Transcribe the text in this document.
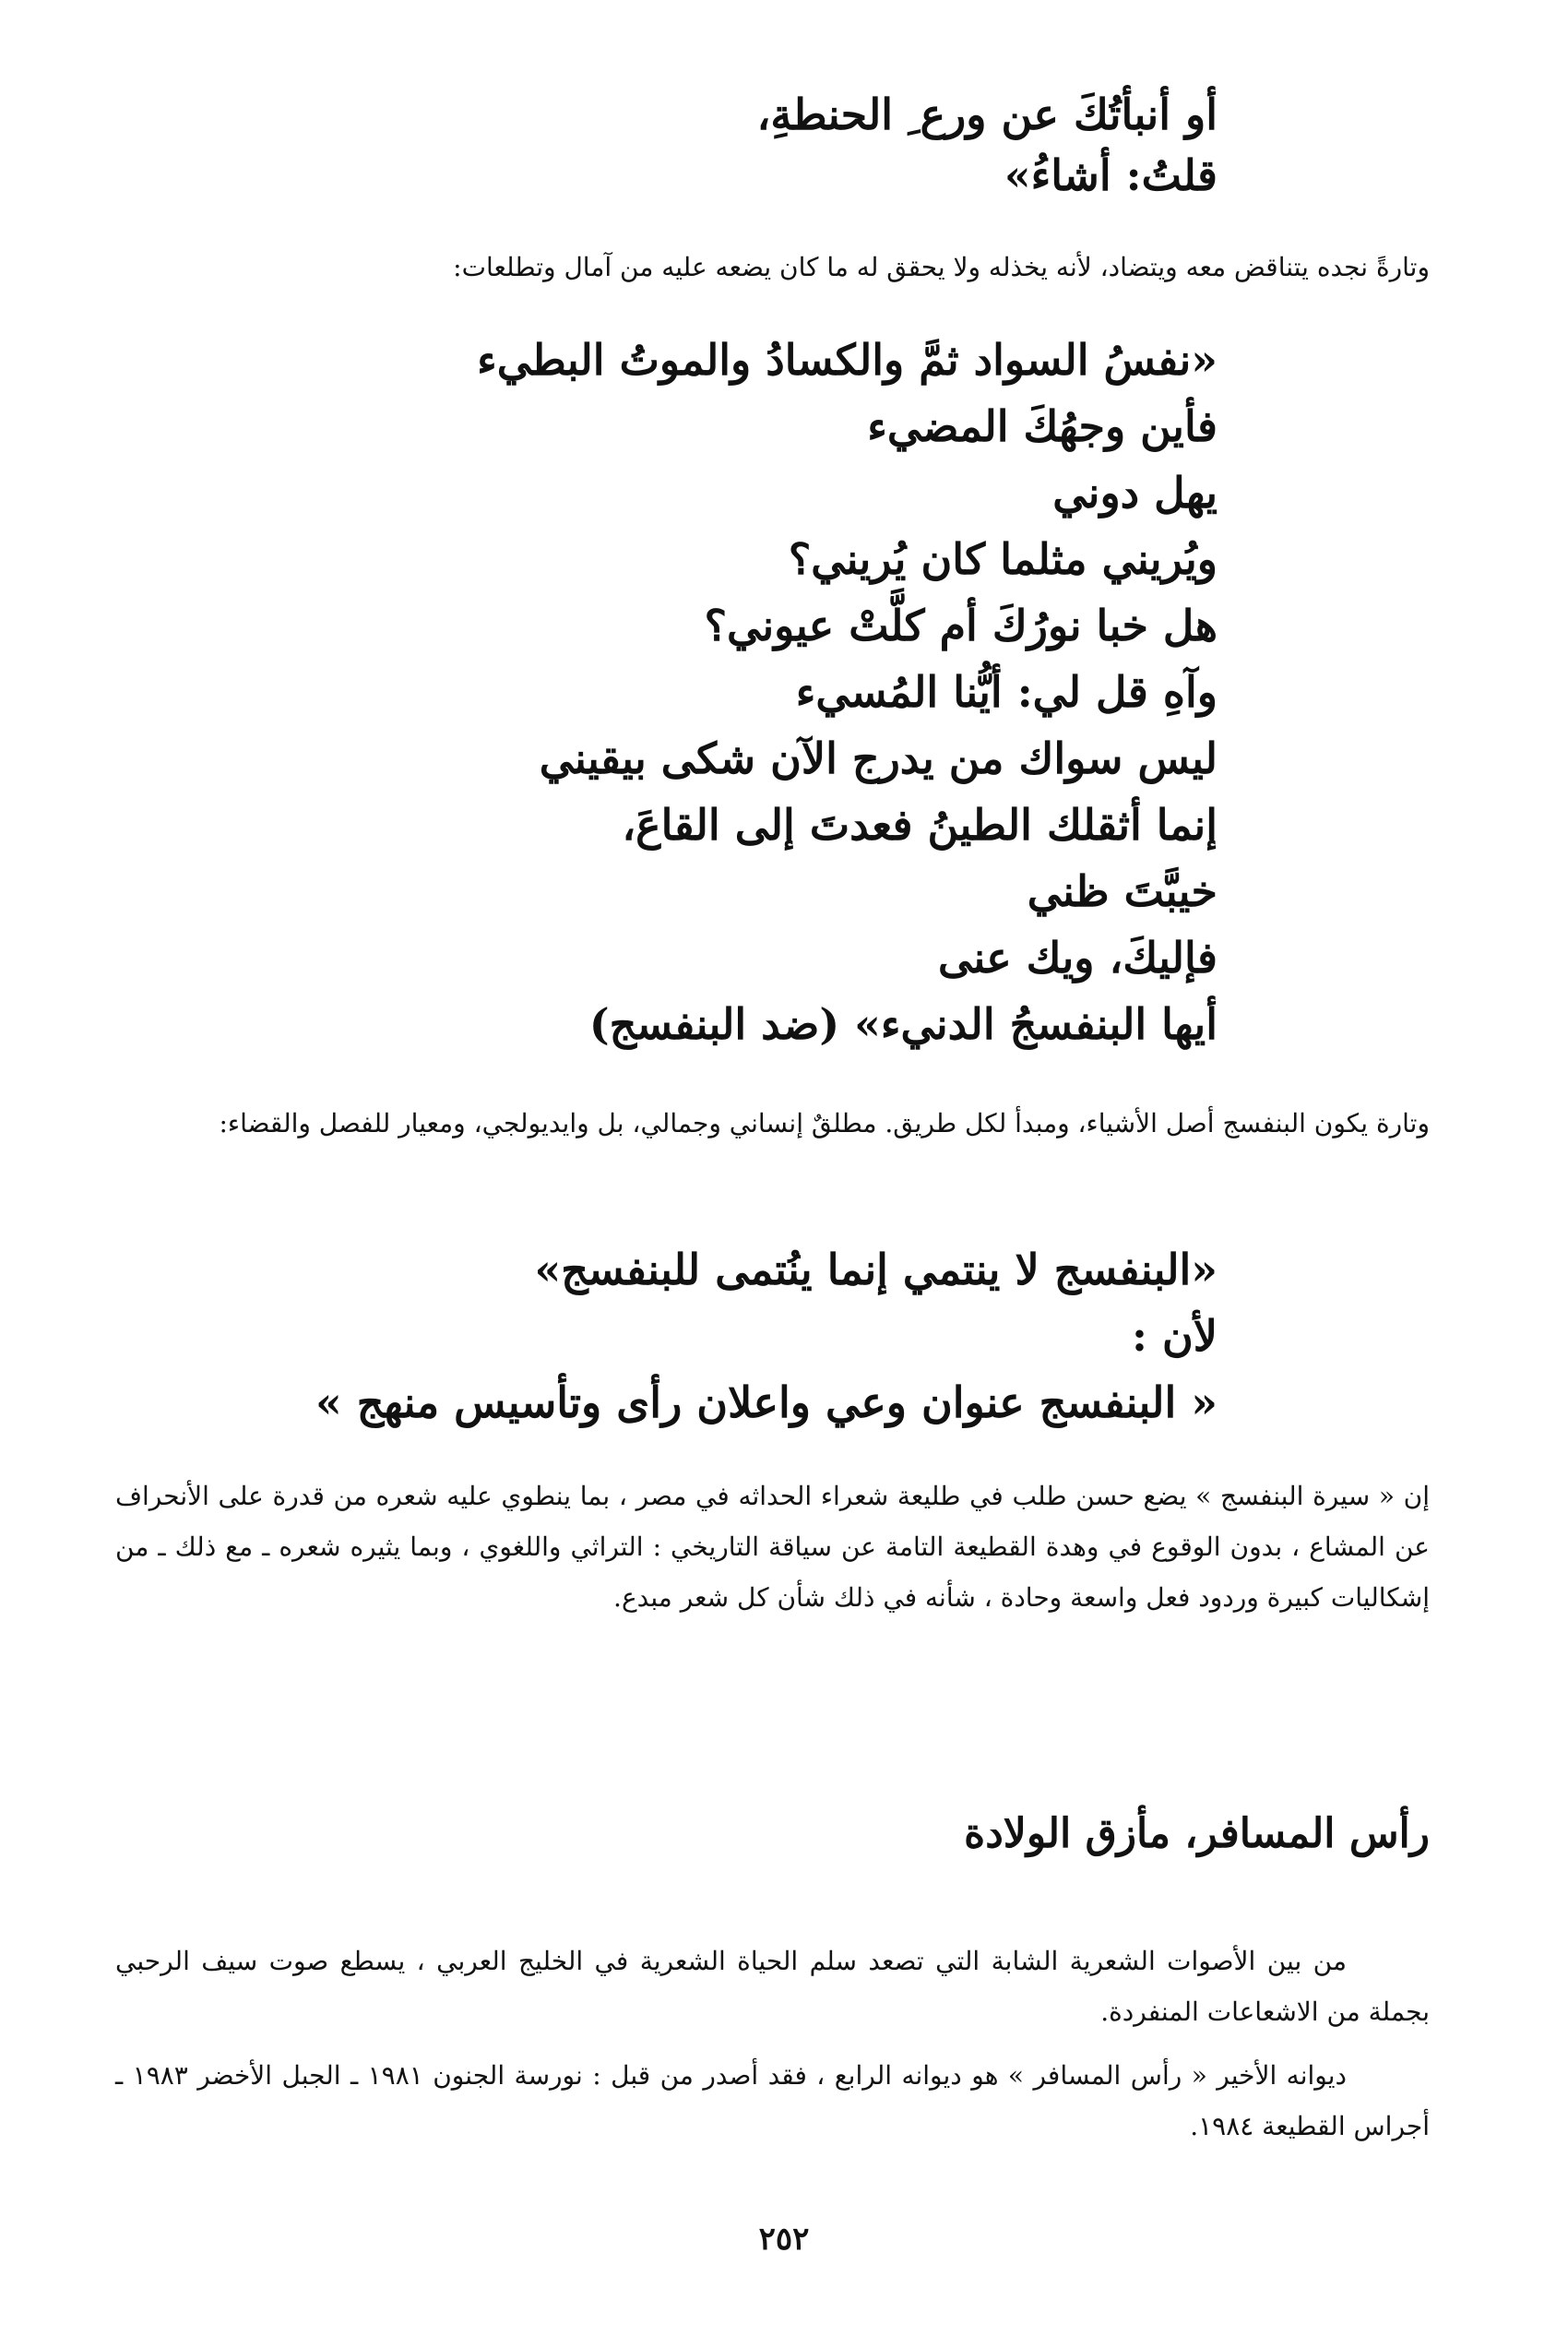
أو أنبأتُكَ عن ورع ِ الحنطةِ،
قلتُ: أشاءُ»

وتارةً نجده يتناقض معه ويتضاد، لأنه يخذله ولا يحقق له ما كان يضعه عليه من آمال وتطلعات:

«نفسُ السواد ثمَّ والكسادُ والموتُ البطيء
فأين وجهُكَ المضيء
يهل دوني
ويُريني مثلما كان يُريني؟
هل خبا نورُكَ أم كلَّتْ عيوني؟
وآهِ قل لي: أيُّنا المُسيء
ليس سواك من يدرج الآن شكى بيقيني
إنما أثقلك الطينُ فعدتَ إلى القاعَ،
خيبَّتَ ظني
فإليكَ، ويك عنى
أيها البنفسجُ الدنيء» (ضد البنفسج)

وتارة يكون البنفسج أصل الأشياء، ومبدأ لكل طريق. مطلقٌ إنساني وجمالي، بل وايديولجي، ومعيار للفصل والقضاء:

«البنفسج لا ينتمي إنما ينُتمى للبنفسج»
لأن :
« البنفسج عنوان وعي واعلان رأى وتأسيس منهج »

إن « سيرة البنفسج » يضع حسن طلب في طليعة شعراء الحداثه في مصر ، بما ينطوي عليه شعره من قدرة على الأنحراف عن المشاع ، بدون الوقوع في وهدة القطيعة التامة عن سياقة التاريخي : التراثي واللغوي ، وبما يثيره شعره ـ مع ذلك ـ من إشكاليات كبيرة وردود فعل واسعة وحادة ، شأنه في ذلك شأن كل شعر مبدع.

رأس المسافر، مأزق الولادة

من بين الأصوات الشعرية الشابة التي تصعد سلم الحياة الشعرية في الخليج العربي ، يسطع صوت سيف الرحبي بجملة من الاشعاعات المنفردة.

ديوانه الأخير « رأس المسافر » هو ديوانه الرابع ، فقد أصدر من قبل : نورسة الجنون ١٩٨١ ـ الجبل الأخضر ١٩٨٣ ـ أجراس القطيعة ١٩٨٤.

٢٥٢
